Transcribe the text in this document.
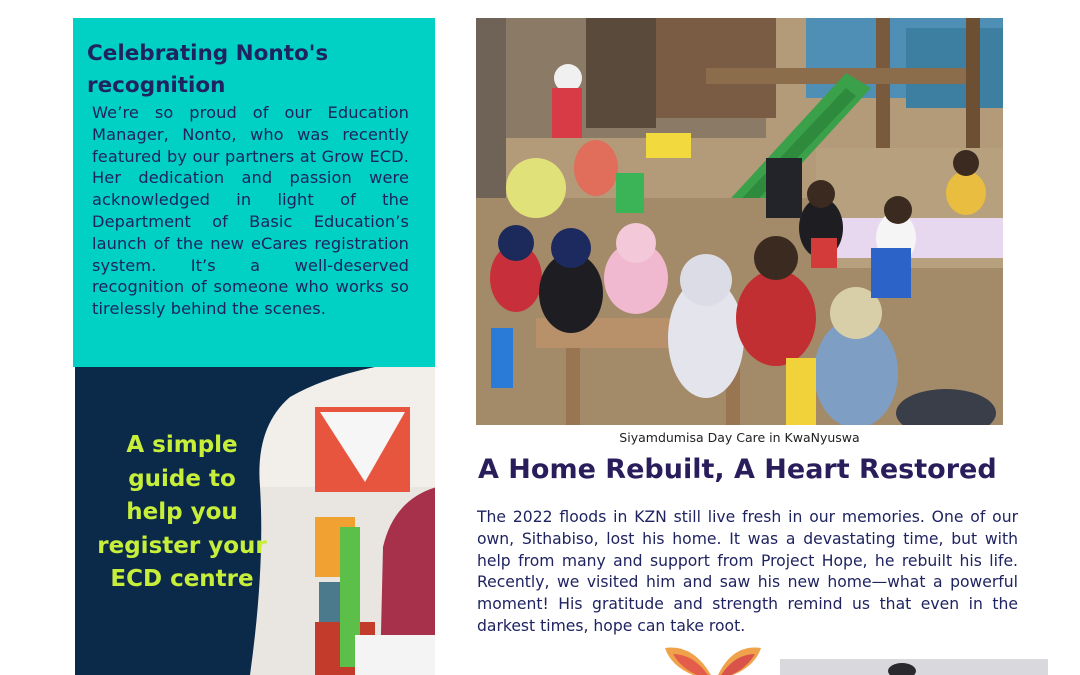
Celebrating Nonto's recognition

We’re so proud of our Education Manager, Nonto, who was recently featured by our partners at Grow ECD. Her dedication and passion were acknowledged in light of the Department of Basic Education’s launch of the new eCares registration system. It’s a well-deserved recognition of someone who works so tirelessly behind the scenes.

A simple guide to help you register your ECD centre
Siyamdumisa Day Care in KwaNyuswa
A Home Rebuilt, A Heart Restored

The 2022 floods in KZN still live fresh in our memories. One of our own, Sithabiso, lost his home. It was a devastating time, but with help from many and support from Project Hope, he rebuilt his life. Recently, we visited him and saw his new home—what a powerful moment! His gratitude and strength remind us that even in the darkest times, hope can take root.
